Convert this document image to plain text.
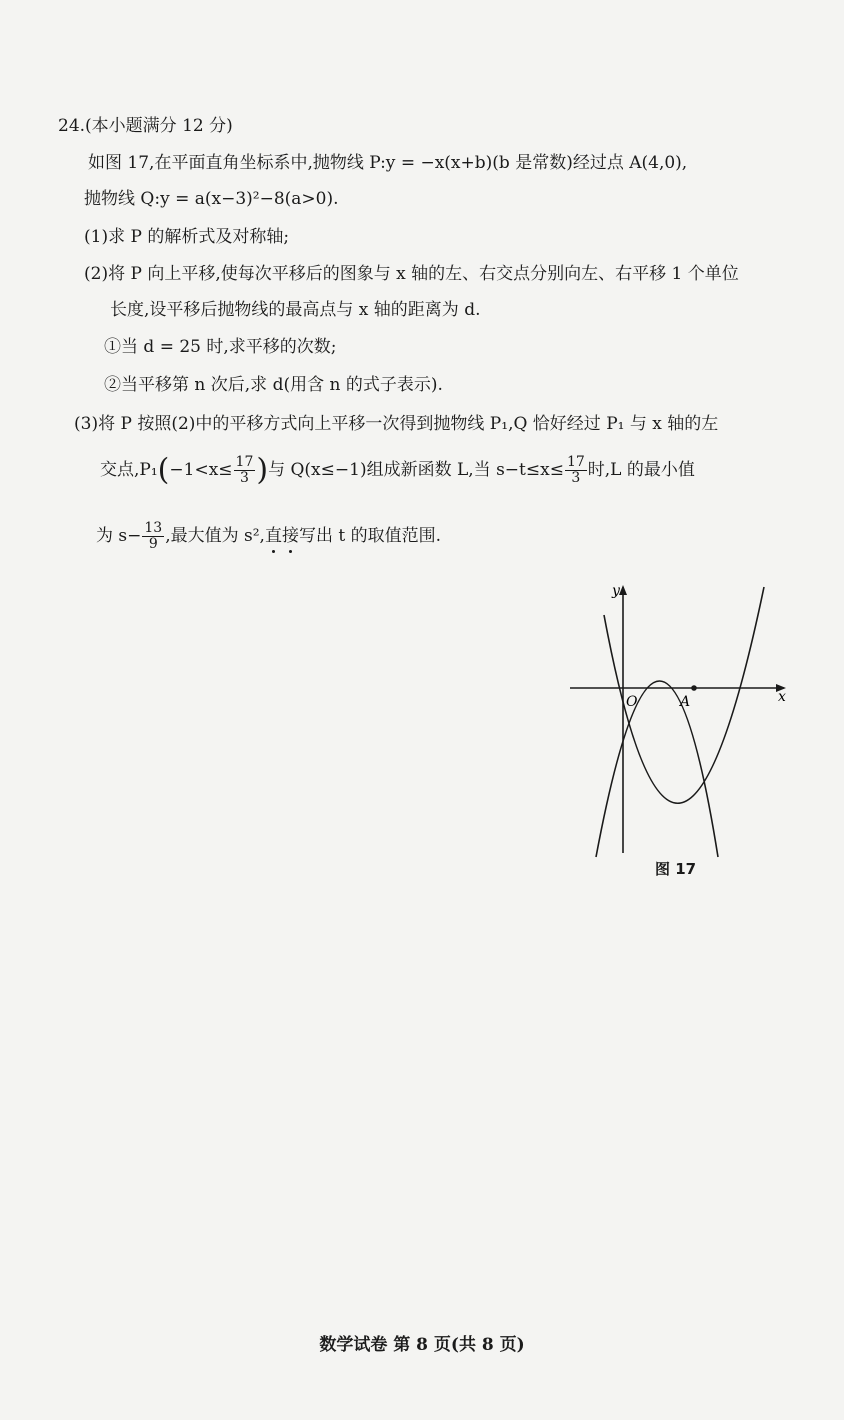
24.(本小题满分 12 分)
如图 17,在平面直角坐标系中,抛物线 P:y = −x(x+b)(b 是常数)经过点 A(4,0),
抛物线 Q:y = a(x−3)²−8(a>0).
(1)求 P 的解析式及对称轴;
(2)将 P 向上平移,使每次平移后的图象与 x 轴的左、右交点分别向左、右平移 1 个单位
长度,设平移后抛物线的最高点与 x 轴的距离为 d.
①当 d = 25 时,求平移的次数;
②当平移第 n 次后,求 d(用含 n 的式子表示).
(3)将 P 按照(2)中的平移方式向上平移一次得到抛物线 P₁,Q 恰好经过 P₁ 与 x 轴的左
交点$,P_1(-1<x\le \frac{17}{3}$ )与 Q(x≤−1)组成新函数 L,当 $s-t\le x\le \frac{17}{3}$ 时,L 的最小值
为 $s- \frac{13}{9}$ ,最大值为 s²,直接
写出 t 的取值范围.
x
y
O	A
图 17
数学试卷 第 8 页(共 8 页)
